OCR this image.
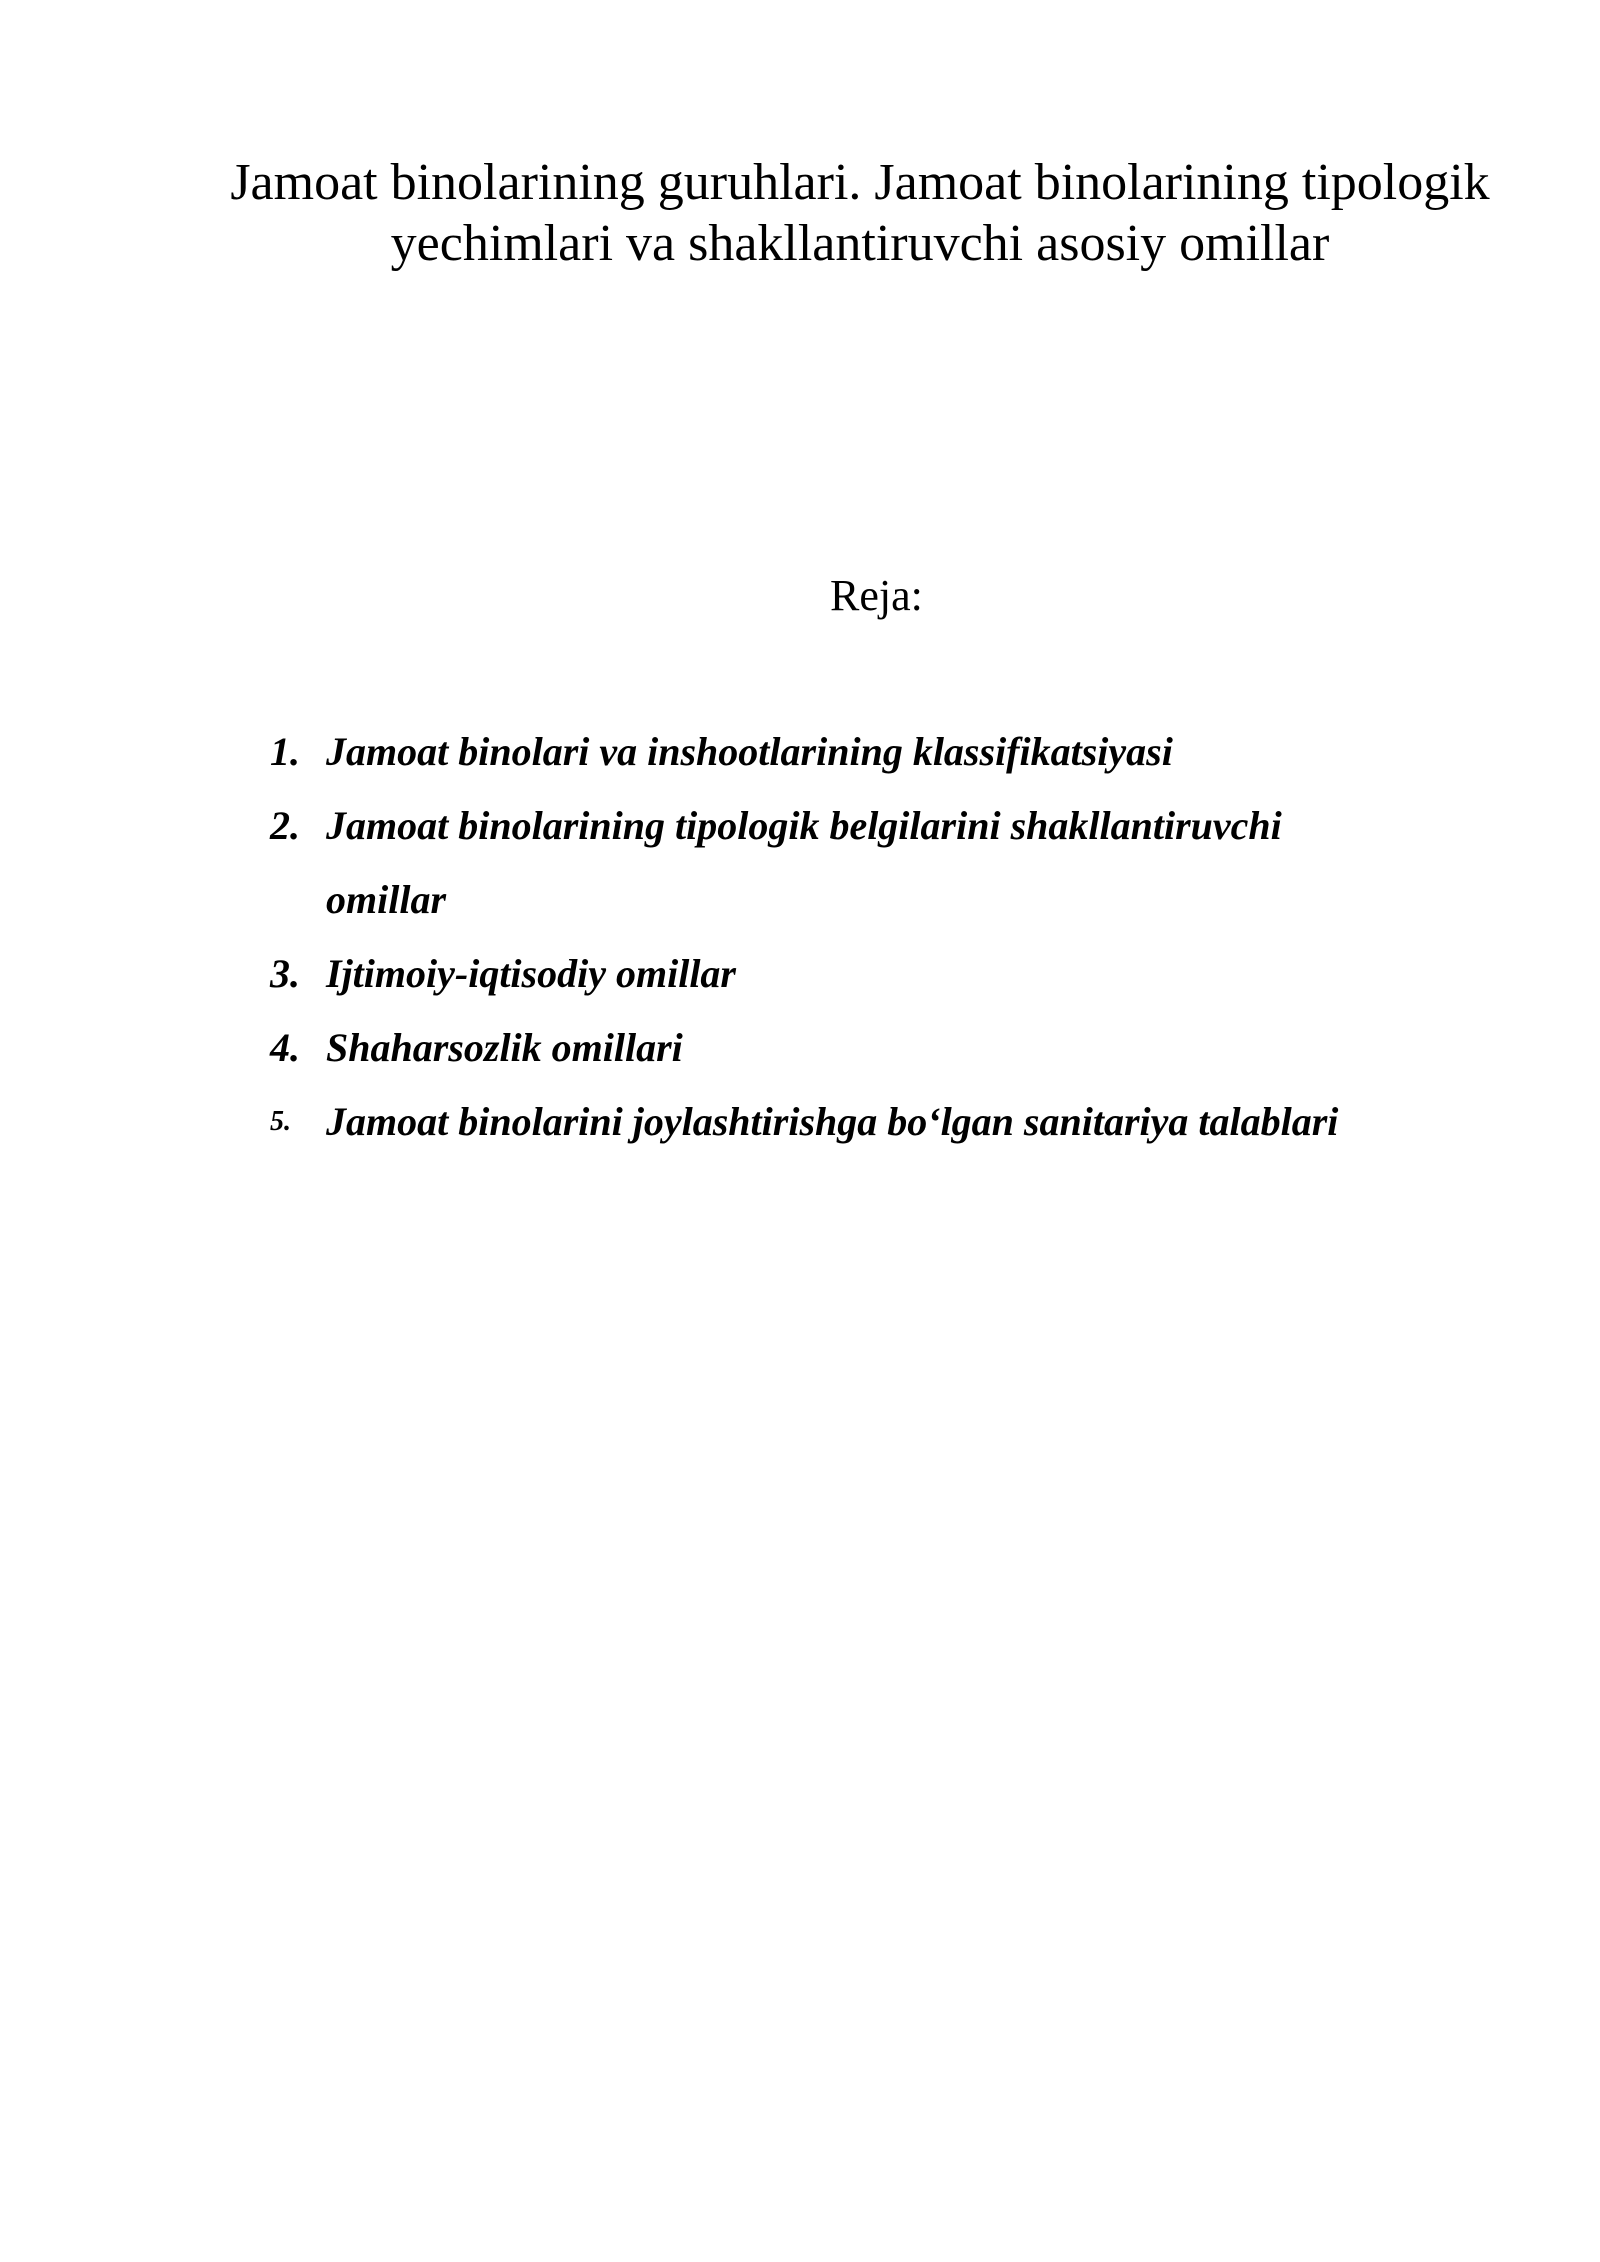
Jamoat binolarining guruhlari. Jamoat binolarining tipologik yechimlari va shakllantiruvchi asosiy omillar

Reja:

1. Jamoat binolari va inshootlarining klassifikatsiyasi
2. Jamoat binolarining tipologik belgilarini shakllantiruvchi omillar
3. Ijtimoiy-iqtisodiy omillar
4. Shaharsozlik omillari
5. Jamoat binolarini joylashtirishga bo‘lgan sanitariya talablari
